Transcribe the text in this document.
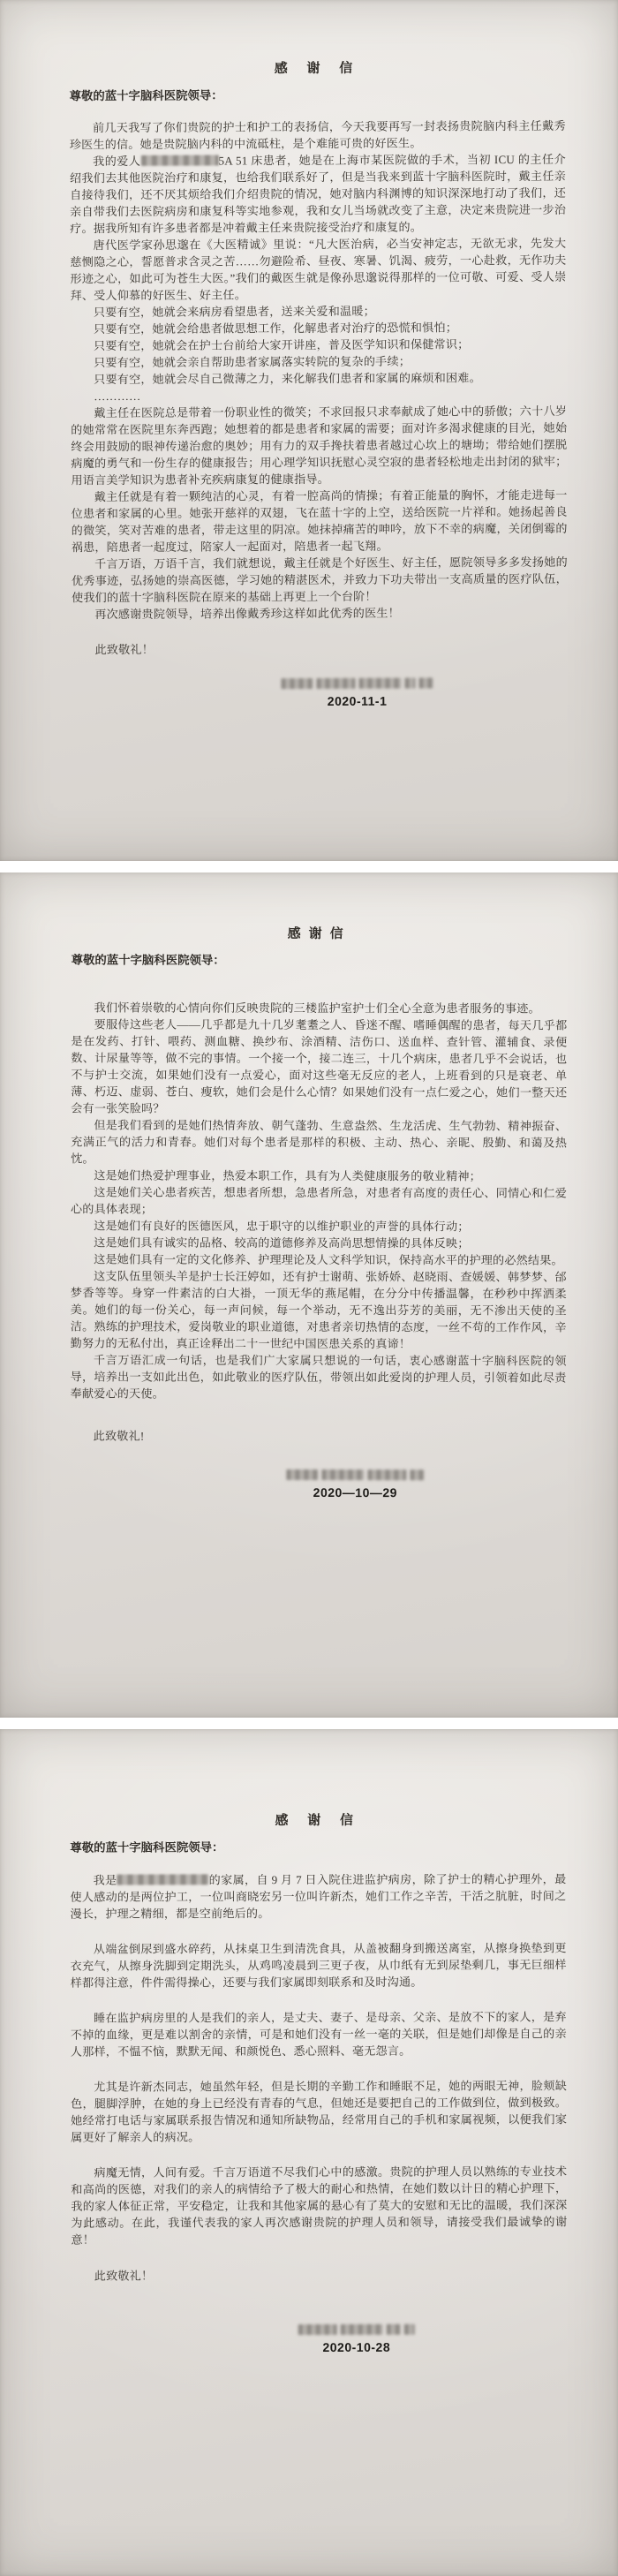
感 谢 信

尊敬的蓝十字脑科医院领导：

前几天我写了你们贵院的护士和护工的表扬信，今天我要再写一封表扬贵院脑内科主任戴秀珍医生的信。她是贵院脑内科的中流砥柱，是个难能可贵的好医生。

我的爱人	5A 51 床患者，她是在上海市某医院做的手术，当初 ICU 的主任介绍我们去其他医院治疗和康复，也给我们联系好了，但是当我来到蓝十字脑科医院时，戴主任亲自接待我们，还不厌其烦给我们介绍贵院的情况，她对脑内科渊博的知识深深地打动了我们，还亲自带我们去医院病房和康复科等实地参观，我和女儿当场就改变了主意，决定来贵院进一步治疗。据我所知有许多患者都是冲着戴主任来贵院接受治疗和康复的。

唐代医学家孙思邈在《大医精诚》里说：“凡大医治病，必当安神定志，无欲无求，先发大慈恻隐之心，誓愿普求含灵之苦……勿避险希、昼夜、寒暑、饥渴、疲劳，一心赴救，无作功夫形迹之心，如此可为苍生大医。”我们的戴医生就是像孙思邈说得那样的一位可敬、可爱、受人崇拜、受人仰慕的好医生、好主任。

只要有空，她就会来病房看望患者，送来关爱和温暖；

只要有空，她就会给患者做思想工作，化解患者对治疗的恐慌和惧怕；

只要有空，她就会在护士台前给大家开讲座，普及医学知识和保健常识；

只要有空，她就会亲自帮助患者家属落实转院的复杂的手续；

只要有空，她就会尽自己微薄之力，来化解我们患者和家属的麻烦和困难。

…………

戴主任在医院总是带着一份职业性的微笑；不求回报只求奉献成了她心中的骄傲；六十八岁的她常常在医院里东奔西跑；她想着的都是患者和家属的需要；面对许多渴求健康的目光，她始终会用鼓励的眼神传递治愈的奥妙；用有力的双手搀扶着患者越过心坎上的塘坳；带给她们摆脱病魔的勇气和一份生存的健康报告；用心理学知识抚慰心灵空寂的患者轻松地走出封闭的狱牢；用语言美学知识为患者补充疾病康复的健康指导。

戴主任就是有着一颗纯洁的心灵，有着一腔高尚的情操；有着正能量的胸怀，才能走进每一位患者和家属的心里。她张开慈祥的双翅，飞在蓝十字的上空，送给医院一片祥和。她扬起善良的微笑，笑对苦难的患者，带走这里的阴凉。她抹掉痛苦的呻吟，放下不幸的病魔，关闭倒霉的祸患，陪患者一起度过，陪家人一起面对，陪患者一起飞翔。

千言万语，万语千言，我们就想说，戴主任就是个好医生、好主任，愿院领导多多发扬她的优秀事迹，弘扬她的崇高医德，学习她的精湛医术，并致力下功夫带出一支高质量的医疗队伍，使我们的蓝十字脑科医院在原来的基础上再更上一个台阶！

再次感谢贵院领导，培养出像戴秀珍这样如此优秀的医生！

此致敬礼！

2020-11-1

感谢信

尊敬的蓝十字脑科医院领导：

我们怀着崇敬的心情向你们反映贵院的三楼监护室护士们全心全意为患者服务的事迹。

要服侍这些老人——几乎都是九十几岁耄耋之人、昏迷不醒、嗜睡偶醒的患者，每天几乎都是在发药、打针、喂药、测血糖、换纱布、涂酒精、洁伤口、送血样、查针管、灌辅食、录便数、计尿量等等，做不完的事情。一个接一个，接二连三，十几个病床，患者几乎不会说话，也不与护士交流，如果她们没有一点爱心，面对这些毫无反应的老人，上班看到的只是衰老、单薄、朽迈、虚弱、苍白、瘦软，她们会是什么心情？如果她们没有一点仁爱之心，她们一整天还会有一张笑脸吗？

但是我们看到的是她们热情奔放、朝气蓬勃、生意盎然、生龙活虎、生气勃勃、精神振奋、充满正气的活力和青春。她们对每个患者是那样的积极、主动、热心、亲昵、殷勤、和蔼及热忱。

这是她们热爱护理事业，热爱本职工作，具有为人类健康服务的敬业精神；

这是她们关心患者疾苦，想患者所想，急患者所急，对患者有高度的责任心、同情心和仁爱心的具体表现；

这是她们有良好的医德医风，忠于职守的以维护职业的声誉的具体行动；

这是她们具有诚实的品格、较高的道德修养及高尚思想情操的具体反映；

这是她们具有一定的文化修养、护理理论及人文科学知识，保持高水平的护理的必然结果。

这支队伍里领头羊是护士长汪婷如，还有护士谢萌、张娇娇、赵晓雨、查媛媛、韩梦梦、邰梦香等等。身穿一件素洁的白大褂，一顶无华的燕尾帽，在分分中传播温馨，在秒秒中挥洒柔美。她们的每一份关心，每一声问候，每一个举动，无不逸出芬芳的美丽，无不渗出天使的圣洁。熟练的护理技术，爱岗敬业的职业道德，对患者亲切热情的态度，一丝不苟的工作作风，辛勤努力的无私付出，真正诠释出二十一世纪中国医患关系的真谛！

千言万语汇成一句话，也是我们广大家属只想说的一句话，衷心感谢蓝十字脑科医院的领导，培养出一支如此出色，如此敬业的医疗队伍，带领出如此爱岗的护理人员，引领着如此尽责奉献爱心的天使。

此致敬礼!

2020—10—29

感 谢 信

尊敬的蓝十字脑科医院领导：

我是	的家属，自 9 月 7 日入院住进监护病房，除了护士的精心护理外，最使人感动的是两位护工，一位叫商晓宏另一位叫许新杰，她们工作之辛苦，干活之肮脏，时间之漫长，护理之精细，都是空前绝后的。

从端盆倒尿到盛水碎药，从抹桌卫生到清洗食具，从盖被翻身到搬送离室，从擦身换垫到更衣充气，从擦身洗脚到定期洗头，从鸡鸣凌晨到三更子夜，从巾纸有无到尿垫剩几，事无巨细样样都得注意，件件需得操心，还要与我们家属即刻联系和及时沟通。

睡在监护病房里的人是我们的亲人，是丈夫、妻子、是母亲、父亲、是放不下的家人，是弃不掉的血缘，更是难以割舍的亲情，可是和她们没有一丝一毫的关联，但是她们却像是自己的亲人那样，不愠不恼，默默无闻、和颜悦色、悉心照料、毫无怨言。

尤其是许新杰同志，她虽然年轻，但是长期的辛勤工作和睡眠不足，她的两眼无神，脸颊缺色，腿脚浮肿，在她的身上已经没有青春的气息，但她还是要把自己的工作做到位，做到极致。她经常打电话与家属联系报告情况和通知所缺物品，经常用自己的手机和家属视频，以便我们家属更好了解亲人的病况。

病魔无情，人间有爱。千言万语道不尽我们心中的感激。贵院的护理人员以熟练的专业技术和高尚的医德，对我们的亲人的病情给予了极大的耐心和热情，在她们数以计日的精心护理下，我的家人体征正常，平安稳定，让我和其他家属的悬心有了莫大的安慰和无比的温暖，我们深深为此感动。在此，我谨代表我的家人再次感谢贵院的护理人员和领导，请接受我们最诚挚的谢意！

此致敬礼！

2020-10-28
